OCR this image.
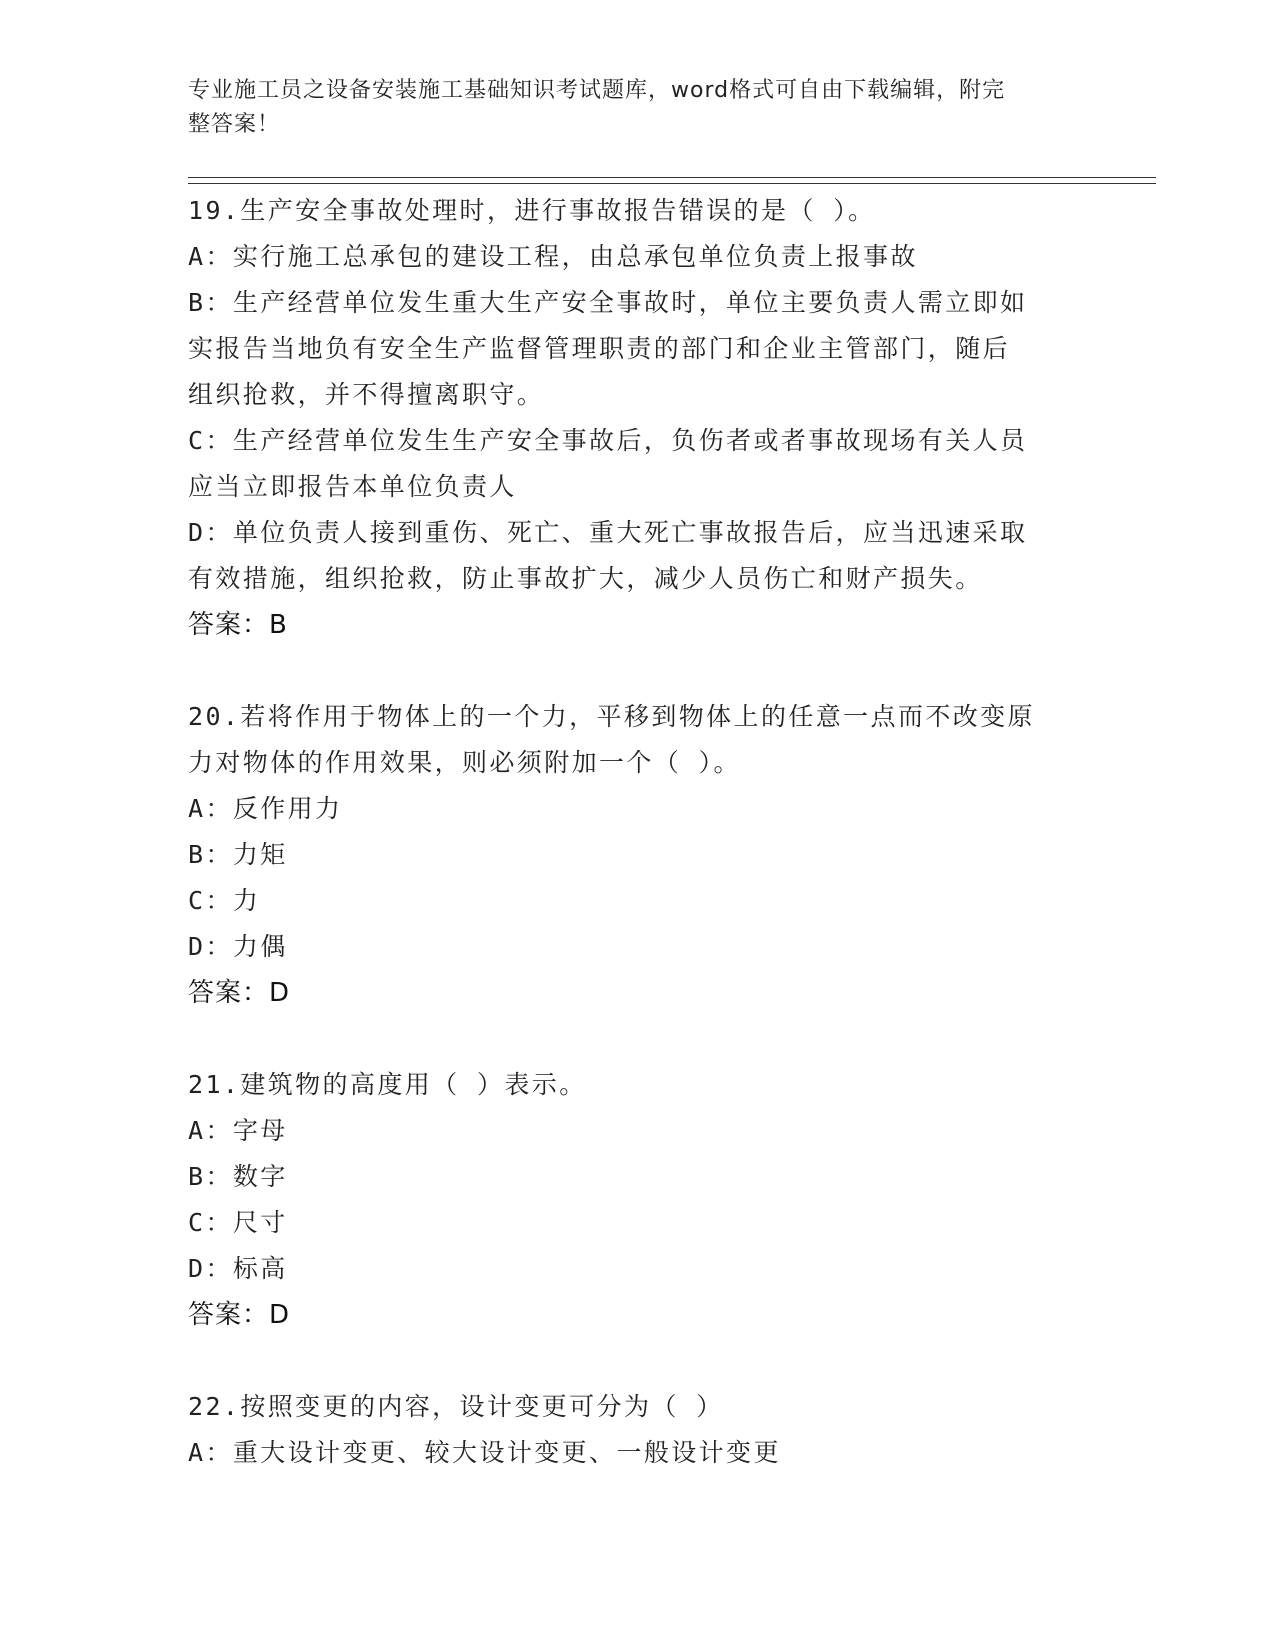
专业施工员之设备安装施工基础知识考试题库，word格式可自由下载编辑，附完
整答案！
19.生产安全事故处理时，进行事故报告错误的是（ ）。
A：实行施工总承包的建设工程，由总承包单位负责上报事故
B：生产经营单位发生重大生产安全事故时，单位主要负责人需立即如
实报告当地负有安全生产监督管理职责的部门和企业主管部门，随后
组织抢救，并不得擅离职守。
C：生产经营单位发生生产安全事故后，负伤者或者事故现场有关人员
应当立即报告本单位负责人
D：单位负责人接到重伤、死亡、重大死亡事故报告后，应当迅速采取
有效措施，组织抢救，防止事故扩大，减少人员伤亡和财产损失。
答案：B
20.若将作用于物体上的一个力，平移到物体上的任意一点而不改变原
力对物体的作用效果，则必须附加一个（ ）。
A：反作用力
B：力矩
C：力
D：力偶
答案：D
21.建筑物的高度用（ ）表示。
A：字母
B：数字
C：尺寸
D：标高
答案：D
22.按照变更的内容，设计变更可分为（ ）
A：重大设计变更、较大设计变更、一般设计变更
